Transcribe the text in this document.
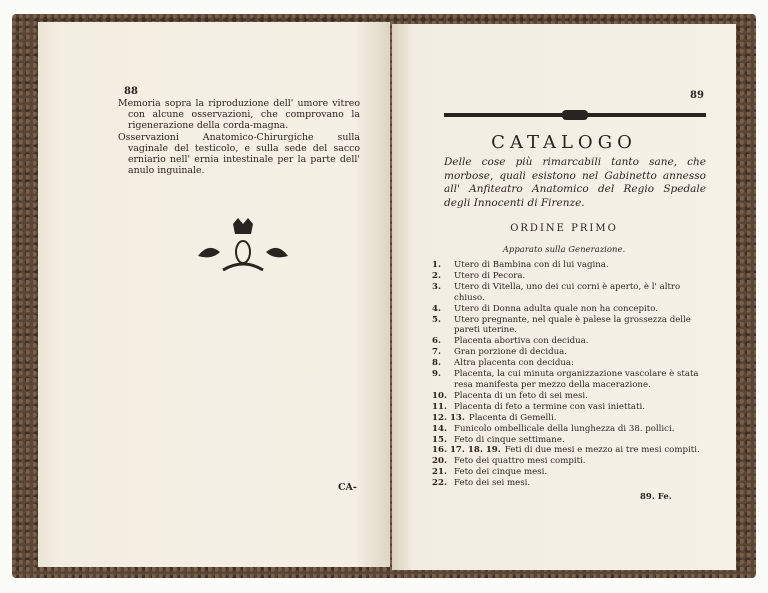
88

Memoria sopra la riproduzione dell' umore vitreo con alcune osservazioni, che comprovano la rigenerazione della corda-magna.

Osservazioni Anatomico-Chirurgiche sulla vaginale del testicolo, e sulla sede del sacco erniario nell' ernia intestinale per la parte dell' anulo inguinale.

CA-
89
CATALOGO
Delle cose più rimarcabili tanto sane, che morbose, quali esistono nel Gabinetto annesso all' Anfiteatro Anatomico del Regio Spedale degli Innocenti di Firenze.
ORDINE PRIMO
Apparato sulla Generazione.
1.	Utero di Bambina con di lui vagina.
2.	Utero di Pecora.
3.	Utero di Vitella, uno dei cui corni è aperto, è l' altro chiuso.
4.	Utero di Donna adulta quale non ha concepito.
5.	Utero pregnante, nel quale è palese la grossezza delle pareti uterine.
6.	Placenta abortiva con decidua.
7.	Gran porzione di decidua.
8.	Altra placenta con decidua:
9.	Placenta, la cui minuta organizzazione vascolare è stata resa manifesta per mezzo della macerazione.
10. Placenta di un feto di sei mesi.
11. Placenta di feto a termine con vasi iniettati.
12. 13. Placenta di Gemelli.
14. Funicolo ombellicale della lunghezza di 38. pollici.
15. Feto di cinque settimane.
16. 17. 18. 19. Feti di due mesi e mezzo ai tre mesi compiti.
20. Feto dei quattro mesi compiti.
21. Feto dei cinque mesi.
22. Feto dei sei mesi.
89. Fe.
